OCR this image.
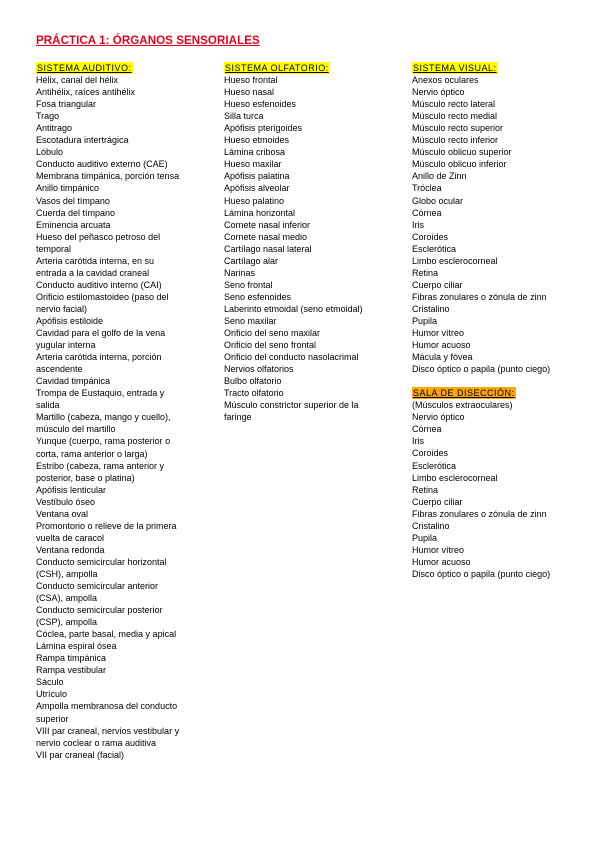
PRÁCTICA 1: ÓRGANOS SENSORIALES
SISTEMA AUDITIVO:
Hélix, canal del hélix
Antihélix, raíces antihélix
Fosa triangular
Trago
Antitrago
Escotadura intertrágica
Lóbulo
Conducto auditivo externo (CAE)
Membrana timpánica, porción tensa
Anillo timpánico
Vasos del tímpano
Cuerda del tímpano
Eminencia arcuata
Hueso del peñasco petroso del temporal
Arteria carótida interna, en su entrada a la cavidad craneal
Conducto auditivo interno (CAI)
Orificio estilomastoideo (paso del nervio facial)
Apófisis estiloide
Cavidad para el golfo de la vena yugular interna
Arteria carótida interna, porción ascendente
Cavidad timpánica
Trompa de Eustaquio, entrada y salida
Martillo (cabeza, mango y cuello), músculo del martillo
Yunque (cuerpo, rama posterior o corta, rama anterior o larga)
Estribo (cabeza, rama anterior y posterior, base o platina)
Apófisis lenticular
Vestíbulo óseo
Ventana oval
Promontorio o relieve de la primera vuelta de caracol
Ventana redonda
Conducto semicircular horizontal (CSH), ampolla
Conducto semicircular anterior (CSA), ampolla
Conducto semicircular posterior (CSP), ampolla
Cóclea, parte basal, media y apical
Lámina espiral ósea
Rampa timpánica
Rampa vestibular
Sáculo
Utrículo
Ampolla membranosa del conducto superior
VIII par craneal, nervios vestibular y nervio coclear o rama auditiva
VII par craneal (facial)
SISTEMA OLFATORIO:
Hueso frontal
Hueso nasal
Hueso esfenoides
Silla turca
Apófisis pterigoides
Hueso etmoides
Lámina cribosa
Hueso maxilar
Apófisis palatina
Apófisis alveolar
Hueso palatino
Lámina horizontal
Cornete nasal inferior
Cornete nasal medio
Cartílago nasal lateral
Cartílago alar
Narinas
Seno frontal
Seno esfenoides
Laberinto etmoidal (seno etmoidal)
Seno maxilar
Orificio del seno maxilar
Orificio del seno frontal
Orificio del conducto nasolacrimal
Nervios olfatorios
Bulbo olfatorio
Tracto olfatorio
Músculo constrictor superior de la faringe
SISTEMA VISUAL:
Anexos oculares
Nervio óptico
Músculo recto lateral
Músculo recto medial
Músculo recto superior
Músculo recto inferior
Músculo oblicuo superior
Músculo oblicuo inferior
Anillo de Zinn
Tróclea
Globo ocular
Córnea
Iris
Coroides
Esclerótica
Limbo esclerocorneal
Retina
Cuerpo ciliar
Fibras zonulares o zónula de zinn
Cristalino
Pupila
Humor vítreo
Humor acuoso
Mácula y fóvea
Disco óptico o papila (punto ciego)
SALA DE DISECCIÓN:
(Músculos extraoculares)
Nervio óptico
Córnea
Iris
Coroides
Esclerótica
Limbo esclerocorneal
Retina
Cuerpo ciliar
Fibras zonulares o zónula de zinn
Cristalino
Pupila
Humor vítreo
Humor acuoso
Disco óptico o papila (punto ciego)
